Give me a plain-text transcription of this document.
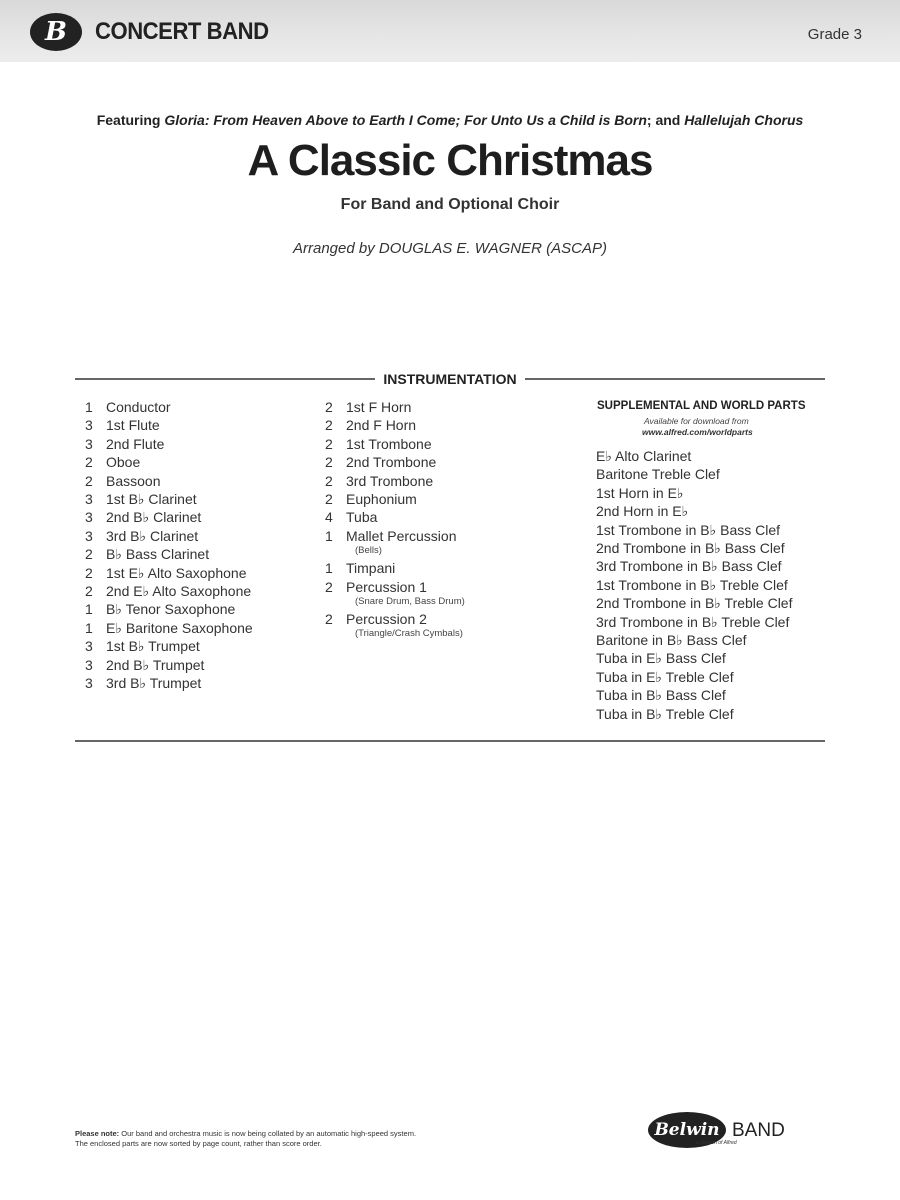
B CONCERT BAND	Grade 3
Featuring Gloria: From Heaven Above to Earth I Come; For Unto Us a Child is Born; and Hallelujah Chorus
A Classic Christmas
For Band and Optional Choir
Arranged by DOUGLAS E. WAGNER (ASCAP)
INSTRUMENTATION
1 Conductor
3 1st Flute
3 2nd Flute
2 Oboe
2 Bassoon
3 1st B♭ Clarinet
3 2nd B♭ Clarinet
3 3rd B♭ Clarinet
2 B♭ Bass Clarinet
2 1st E♭ Alto Saxophone
2 2nd E♭ Alto Saxophone
1 B♭ Tenor Saxophone
1 E♭ Baritone Saxophone
3 1st B♭ Trumpet
3 2nd B♭ Trumpet
3 3rd B♭ Trumpet
2 1st F Horn
2 2nd F Horn
2 1st Trombone
2 2nd Trombone
2 3rd Trombone
2 Euphonium
4 Tuba
1 Mallet Percussion
(Bells)
1 Timpani
2 Percussion 1
(Snare Drum, Bass Drum)
2 Percussion 2
(Triangle/Crash Cymbals)
SUPPLEMENTAL AND WORLD PARTS
Available for download from
www.alfred.com/worldparts
E♭ Alto Clarinet
Baritone Treble Clef
1st Horn in E♭
2nd Horn in E♭
1st Trombone in B♭ Bass Clef
2nd Trombone in B♭ Bass Clef
3rd Trombone in B♭ Bass Clef
1st Trombone in B♭ Treble Clef
2nd Trombone in B♭ Treble Clef
3rd Trombone in B♭ Treble Clef
Baritone in B♭ Bass Clef
Tuba in E♭ Bass Clef
Tuba in E♭ Treble Clef
Tuba in B♭ Bass Clef
Tuba in B♭ Treble Clef
Please note: Our band and orchestra music is now being collated by an automatic high-speed system.
The enclosed parts are now sorted by page count, rather than score order.
Belwin BAND
a division of Alfred
